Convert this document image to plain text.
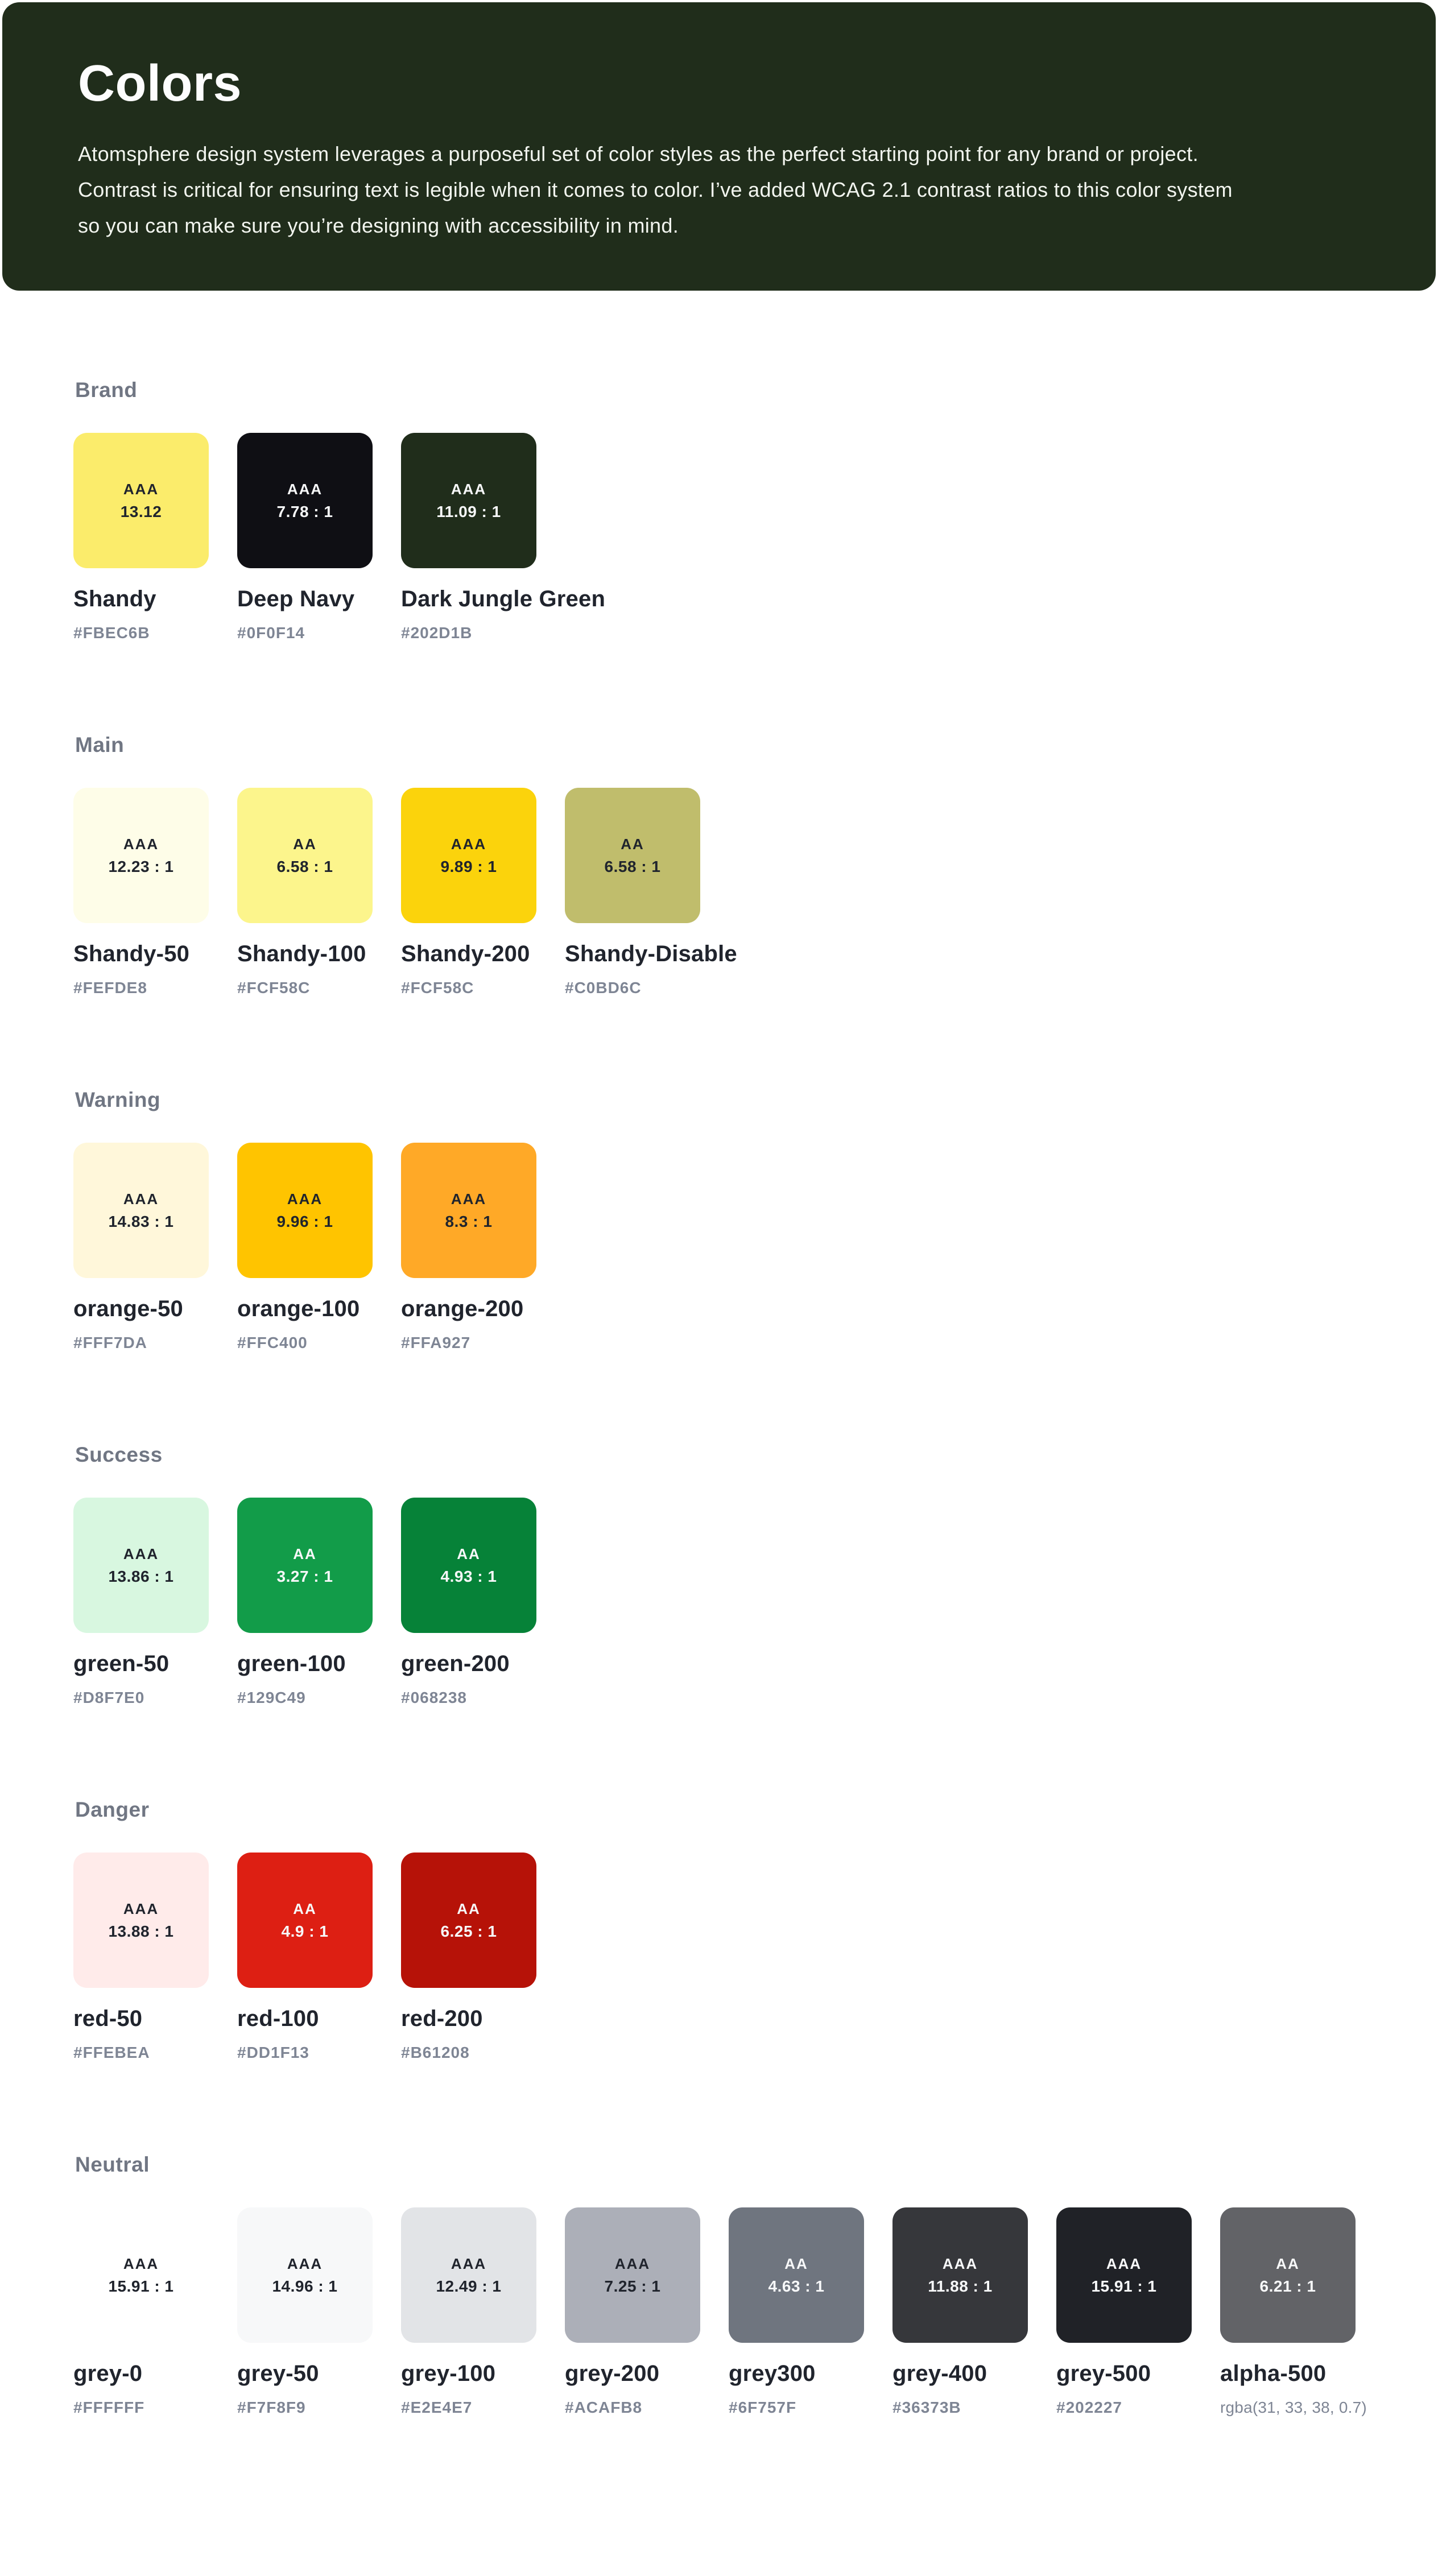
Colors

Atomsphere design system leverages a purposeful set of color styles as the perfect starting point for any brand or project. Contrast is critical for ensuring text is legible when it comes to color. I’ve added WCAG 2.1 contrast ratios to this color system so you can make sure you’re designing with accessibility in mind.

Brand
AAA
13.12
Shandy
#FBEC6B
AAA
7.78 : 1
Deep Navy
#0F0F14
AAA
11.09 : 1
Dark Jungle Green
#202D1B
Main
AAA
12.23 : 1
Shandy-50
#FEFDE8
AA
6.58 : 1
Shandy-100
#FCF58C
AAA
9.89 : 1
Shandy-200
#FCF58C
AA
6.58 : 1
Shandy-Disable
#C0BD6C
Warning
AAA
14.83 : 1
orange-50
#FFF7DA
AAA
9.96 : 1
orange-100
#FFC400
AAA
8.3 : 1
orange-200
#FFA927
Success
AAA
13.86 : 1
green-50
#D8F7E0
AA
3.27 : 1
green-100
#129C49
AA
4.93 : 1
green-200
#068238
Danger
AAA
13.88 : 1
red-50
#FFEBEA
AA
4.9 : 1
red-100
#DD1F13
AA
6.25 : 1
red-200
#B61208
Neutral
AAA
15.91 : 1
grey-0
#FFFFFF
AAA
14.96 : 1
grey-50
#F7F8F9
AAA
12.49 : 1
grey-100
#E2E4E7
AAA
7.25 : 1
grey-200
#ACAFB8
AA
4.63 : 1
grey300
#6F757F
AAA
11.88 : 1
grey-400
#36373B
AAA
15.91 : 1
grey-500
#202227
AA
6.21 : 1
alpha-500
rgba(31, 33, 38, 0.7)
